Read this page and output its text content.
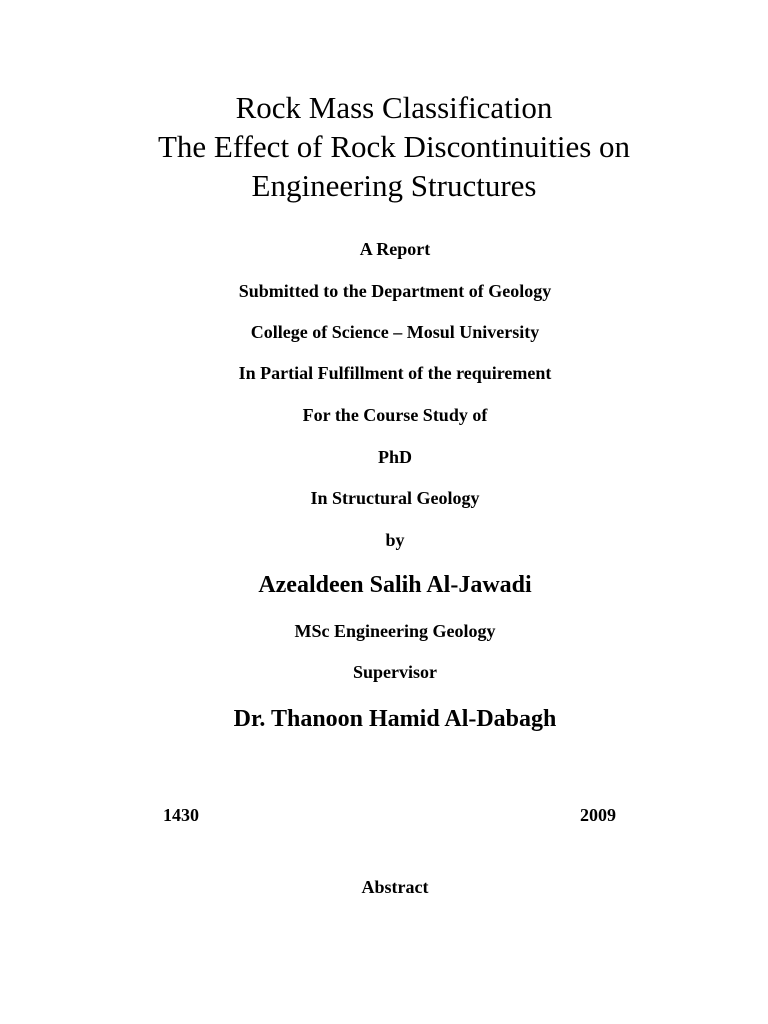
Rock Mass Classification
The Effect of Rock Discontinuities on
Engineering Structures

A Report

Submitted to the Department of Geology

College of Science – Mosul University

In Partial Fulfillment of the requirement

For the Course Study of

PhD

In Structural Geology

by

Azealdeen Salih Al-Jawadi

MSc Engineering Geology

Supervisor

Dr. Thanoon Hamid Al-Dabagh

1430	2009

Abstract
